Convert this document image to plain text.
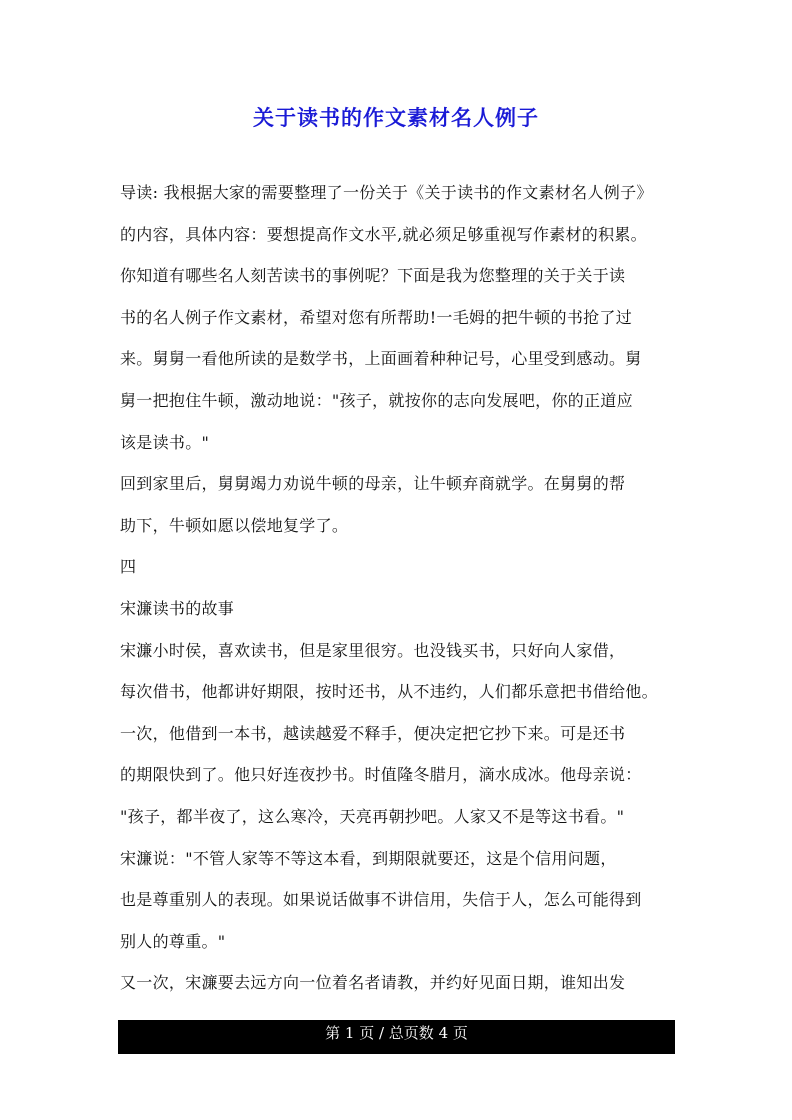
关于读书的作文素材名人例子
导读: 我根据大家的需要整理了一份关于《关于读书的作文素材名人例子》
的内容，具体内容：要想提高作文水平,就必须足够重视写作素材的积累。
你知道有哪些名人刻苦读书的事例呢？下面是我为您整理的关于关于读
书的名人例子作文素材，希望对您有所帮助!一毛姆的把牛顿的书抢了过
来。舅舅一看他所读的是数学书，上面画着种种记号，心里受到感动。舅
舅一把抱住牛顿，激动地说："孩子，就按你的志向发展吧，你的正道应
该是读书。"
回到家里后，舅舅竭力劝说牛顿的母亲，让牛顿弃商就学。在舅舅的帮
助下，牛顿如愿以偿地复学了。
四
宋濂读书的故事
宋濂小时侯，喜欢读书，但是家里很穷。也没钱买书，只好向人家借，
每次借书，他都讲好期限，按时还书，从不违约，人们都乐意把书借给他。
一次，他借到一本书，越读越爱不释手，便决定把它抄下来。可是还书
的期限快到了。他只好连夜抄书。时值隆冬腊月，滴水成冰。他母亲说：
"孩子，都半夜了，这么寒冷，天亮再朝抄吧。人家又不是等这书看。"
宋濂说："不管人家等不等这本看，到期限就要还，这是个信用问题，
也是尊重别人的表现。如果说话做事不讲信用，失信于人，怎么可能得到
别人的尊重。"
又一次，宋濂要去远方向一位着名者请教，并约好见面日期，谁知出发
第 1 页 / 总页数 4 页
